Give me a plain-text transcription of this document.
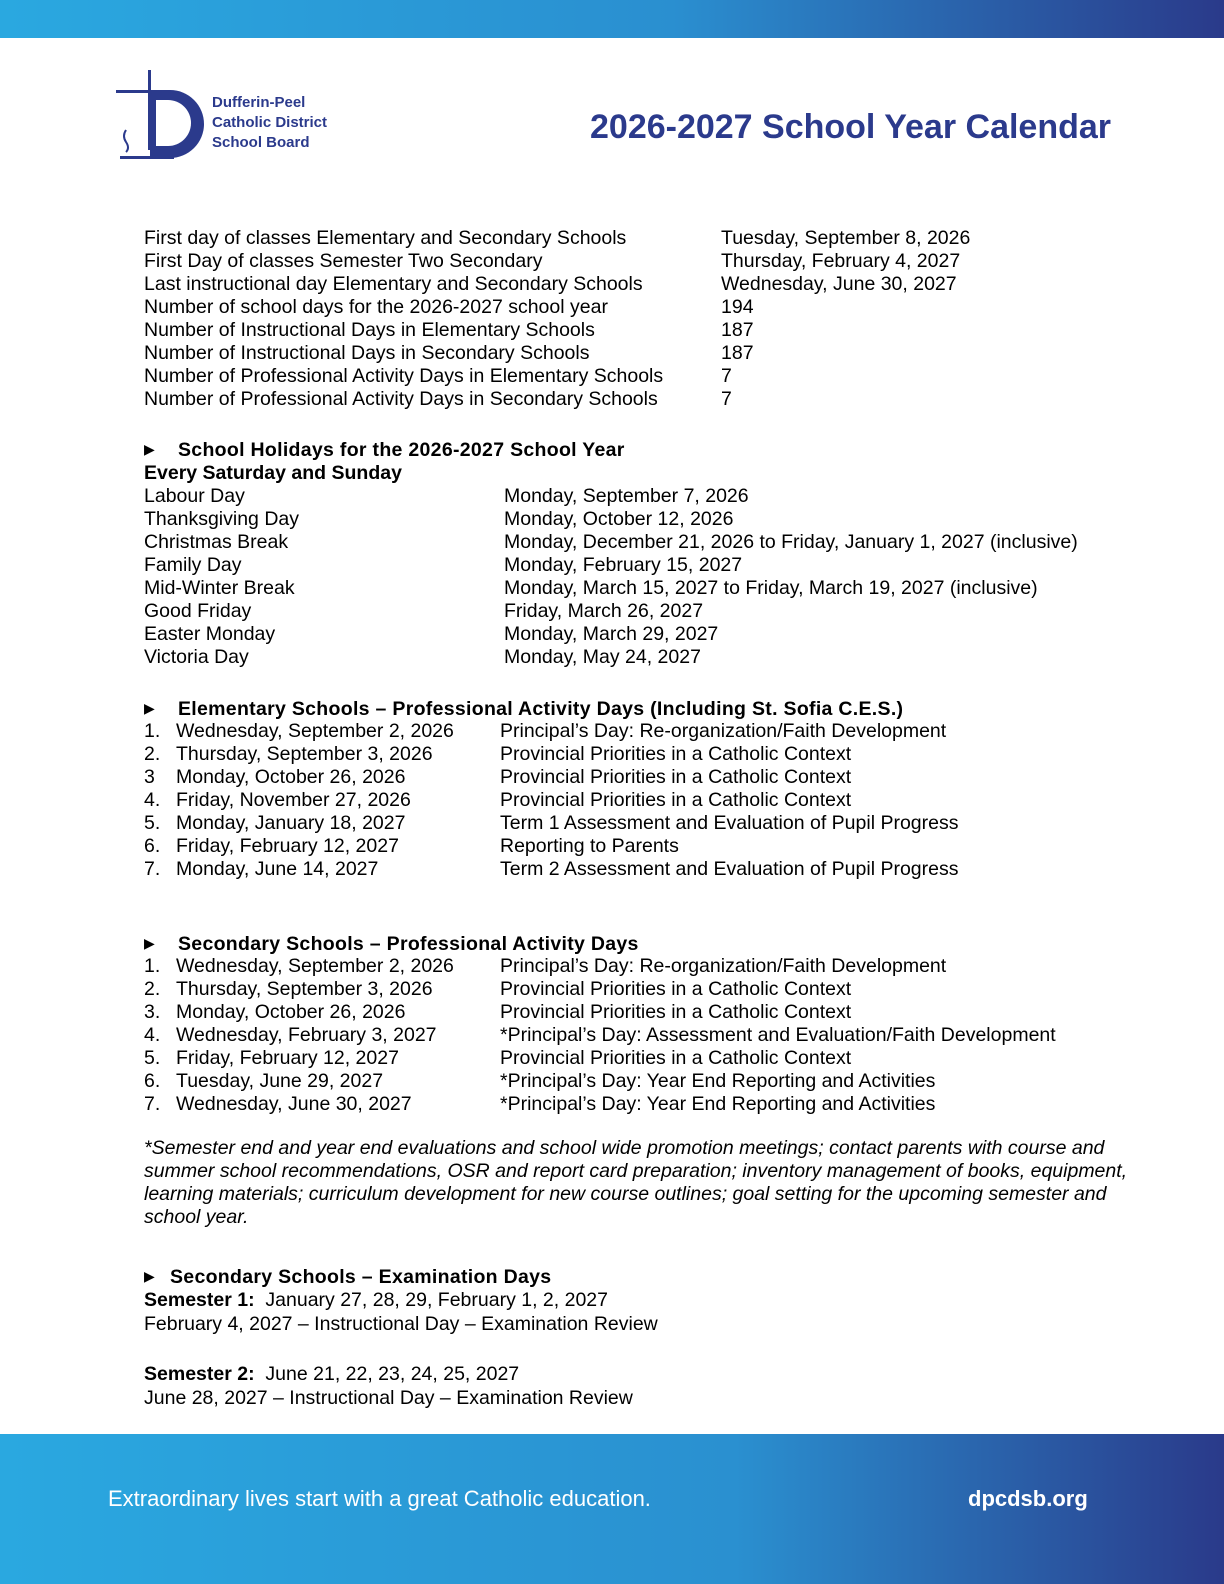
Dufferin-Peel
Catholic District
School Board	2026-2027 School Year Calendar
First day of classes Elementary and Secondary Schools	Tuesday, September 8, 2026
First Day of classes Semester Two Secondary	Thursday, February 4, 2027
Last instructional day Elementary and Secondary Schools	Wednesday, June 30, 2027
Number of school days for the 2026-2027 school year	194
Number of Instructional Days in Elementary Schools	187
Number of Instructional Days in Secondary Schools	187
Number of Professional Activity Days in Elementary Schools	7
Number of Professional Activity Days in Secondary Schools	7
▶ School Holidays for the 2026-2027 School Year
Every Saturday and Sunday
Labour Day	Monday, September 7, 2026
Thanksgiving Day	Monday, October 12, 2026
Christmas Break	Monday, December 21, 2026 to Friday, January 1, 2027 (inclusive)
Family Day	Monday, February 15, 2027
Mid-Winter Break	Monday, March 15, 2027 to Friday, March 19, 2027 (inclusive)
Good Friday	Friday, March 26, 2027
Easter Monday	Monday, March 29, 2027
Victoria Day	Monday, May 24, 2027
▶ Elementary Schools – Professional Activity Days (Including St. Sofia C.E.S.)
1. Wednesday, September 2, 2026	Principal’s Day: Re-organization/Faith Development
2. Thursday, September 3, 2026	Provincial Priorities in a Catholic Context
3	Monday, October 26, 2026	Provincial Priorities in a Catholic Context
4. Friday, November 27, 2026	Provincial Priorities in a Catholic Context
5. Monday, January 18, 2027	Term 1 Assessment and Evaluation of Pupil Progress
6. Friday, February 12, 2027	Reporting to Parents
7. Monday, June 14, 2027	Term 2 Assessment and Evaluation of Pupil Progress
▶ Secondary Schools – Professional Activity Days
1. Wednesday, September 2, 2026	Principal’s Day: Re-organization/Faith Development
2. Thursday, September 3, 2026	Provincial Priorities in a Catholic Context
3. Monday, October 26, 2026	Provincial Priorities in a Catholic Context
4. Wednesday, February 3, 2027	*Principal’s Day: Assessment and Evaluation/Faith Development
5. Friday, February 12, 2027	Provincial Priorities in a Catholic Context
6. Tuesday, June 29, 2027	*Principal’s Day: Year End Reporting and Activities
7. Wednesday, June 30, 2027	*Principal’s Day: Year End Reporting and Activities

*Semester end and year end evaluations and school wide promotion meetings; contact parents with course and summer school recommendations, OSR and report card preparation; inventory management of books, equipment, learning materials; curriculum development for new course outlines; goal setting for the upcoming semester and school year.

▶ Secondary Schools – Examination Days
Semester 1: January 27, 28, 29, February 1, 2, 2027
February 4, 2027 – Instructional Day – Examination Review
Semester 2: June 21, 22, 23, 24, 25, 2027
June 28, 2027 – Instructional Day – Examination Review
Extraordinary lives start with a great Catholic education.	dpcdsb.org
